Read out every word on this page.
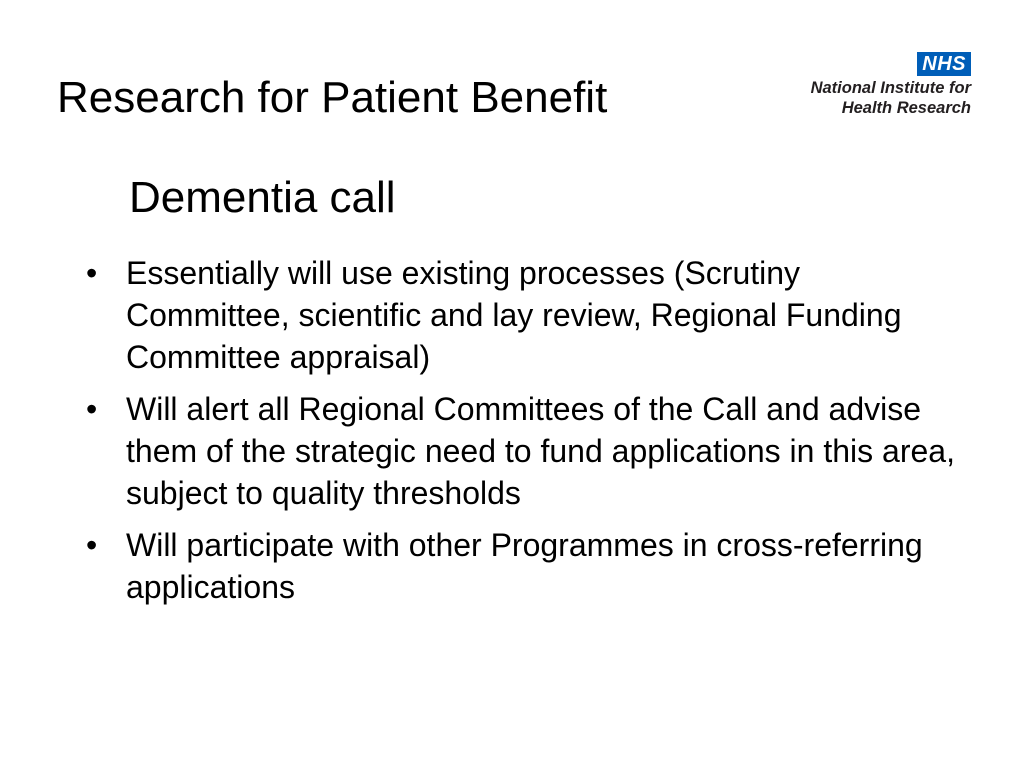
Research for Patient Benefit
NHS
National Institute for
Health Research
Dementia call
• Essentially will use existing processes (Scrutiny Committee, scientific and lay review, Regional Funding Committee appraisal)
• Will alert all Regional Committees of the Call and advise them of the strategic need to fund applications in this area, subject to quality thresholds
• Will participate with other Programmes in cross-referring applications
